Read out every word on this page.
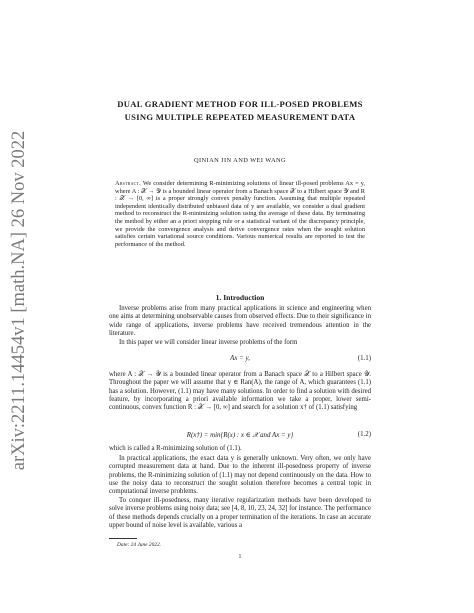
arXiv:2211.14454v1 [math.NA] 26 Nov 2022
DUAL GRADIENT METHOD FOR ILL-POSED PROBLEMS
USING MULTIPLE REPEATED MEASUREMENT DATA
QINIAN JIN AND WEI WANG
Abstract. We consider determining R-minimizing solutions of linear ill-posed problems Ax = y, where A : 𝒳 → 𝒴 is a bounded linear operator from a Banach space 𝒳 to a Hilbert space 𝒴 and R : 𝒳 → [0, ∞] is a proper strongly convex penalty function. Assuming that multiple repeated independent identically distributed unbiased data of y are available, we consider a dual gradient method to reconstruct the R-minimizing solution using the average of these data. By terminating the method by either an a priori stopping rule or a statistical variant of the discrepancy principle, we provide the convergence analysis and derive convergence rates when the sought solution satisfies certain variational source conditions. Various numerical results are reported to test the performance of the method.
1. Introduction
Inverse problems arise from many practical applications in science and engineering when one aims at determining unobservable causes from observed effects. Due to their significance in wide range of applications, inverse problems have received tremendous attention in the literature.
In this paper we will consider linear inverse problems of the form
Ax = y,	(1.1)
where A : 𝒳 → 𝒴 is a bounded linear operator from a Banach space 𝒳 to a Hilbert space 𝒴. Throughout the paper we will assume that y ∈ Ran(A), the range of A, which guarantees (1.1) has a solution. However, (1.1) may have many solutions. In order to find a solution with desired feature, by incorporating a priori available information we take a proper, lower semi-continuous, convex function R : 𝒳 → [0, ∞] and search for a solution x† of (1.1) satisfying
R(x†) = min{R(x) : x ∈ 𝒳 and Ax = y}	(1.2)
which is called a R-minimizing solution of (1.1).
In practical applications, the exact data y is generally unknown. Very often, we only have corrupted measurement data at hand. Due to the inherent ill-posedness property of inverse problems, the R-minimizing solution of (1.1) may not depend continuously on the data. How to use the noisy data to reconstruct the sought solution therefore becomes a central topic in computational inverse problems.
To conquer ill-posedness, many iterative regularization methods have been developed to solve inverse problems using noisy data; see [4, 8, 10, 23, 24, 32] for instance. The performance of these methods depends crucially on a proper termination of the iterations. In case an accurate upper bound of noise level is available, various a
Date: 24 June 2022.
1
